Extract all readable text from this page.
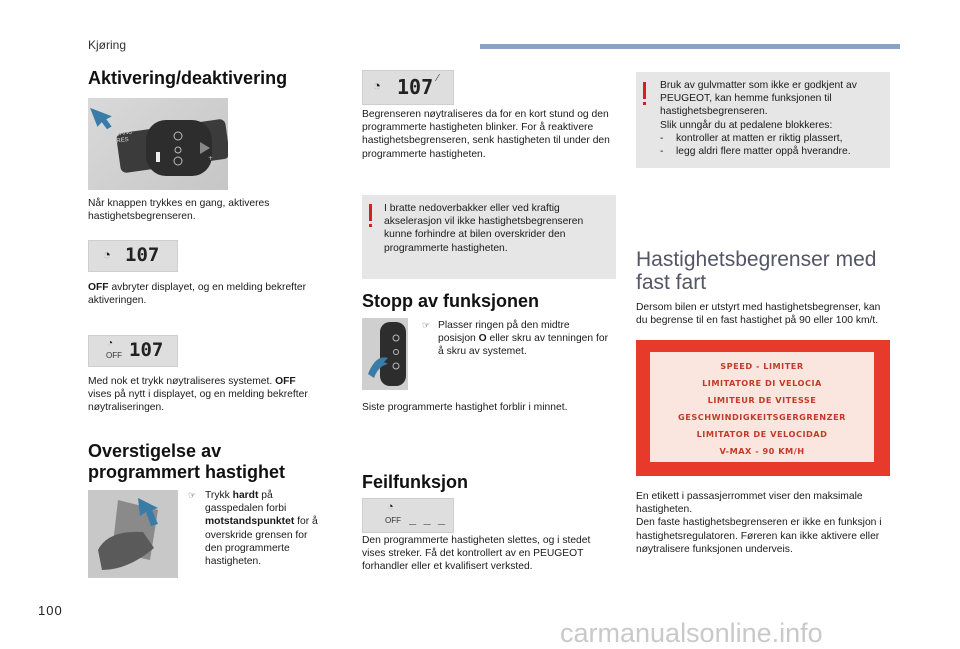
Kjøring
Aktivering/deaktivering
+
CANC RES
Når knappen trykkes en gang, aktiveres hastighetsbegrenseren.
◔ 107
OFF avbryter displayet, og en melding bekrefter aktiveringen.
◔
OFF 107
Med nok et trykk nøytraliseres systemet. OFF vises på nytt i displayet, og en melding bekrefter nøytraliseringen.
Overstigelse av
programmert hastighet
☞ Trykk hardt på gasspedalen forbi motstandspunktet for å overskride grensen for den programmerte hastigheten.
◔ 107 ⁄
Begrenseren nøytraliseres da for en kort stund og den programmerte hastigheten blinker. For å reaktivere hastighetsbegrenseren, senk hastigheten til under den programmerte hastigheten.
I bratte nedoverbakker eller ved kraftig akselerasjon vil ikke hastighetsbegrenseren kunne forhindre at bilen overskrider den programmerte hastigheten.
Stopp av funksjonen
☞ Plasser ringen på den midtre posisjon O eller skru av tenningen for å skru av systemet.
Siste programmerte hastighet forblir i minnet.
Feilfunksjon
◔
OFF _ _ _
Den programmerte hastigheten slettes, og i stedet vises streker. Få det kontrollert av en PEUGEOT forhandler eller et kvalifisert verksted.
Bruk av gulvmatter som ikke er godkjent av PEUGEOT, kan hemme funksjonen til hastighetsbegrenseren.
Slik unngår du at pedalene blokkeres:
- kontroller at matten er riktig plassert,
- legg aldri flere matter oppå hverandre.
Hastighetsbegrenser med
fast fart
Dersom bilen er utstyrt med hastighetsbegrenser, kan du begrense til en fast hastighet på 90 eller 100 km/t.
SPEED - LIMITER
LIMITATORE DI VELOCIA
LIMITEUR DE VITESSE
GESCHWINDIGKEITSGERGRENZER
LIMITATOR DE VELOCIDAD
V-MAX - 90 KM/H
En etikett i passasjerrommet viser den maksimale hastigheten.
Den faste hastighetsbegrenseren er ikke en funksjon i hastighetsregulatoren. Føreren kan ikke aktivere eller nøytralisere funksjonen underveis.
100
carmanualsonline.info
